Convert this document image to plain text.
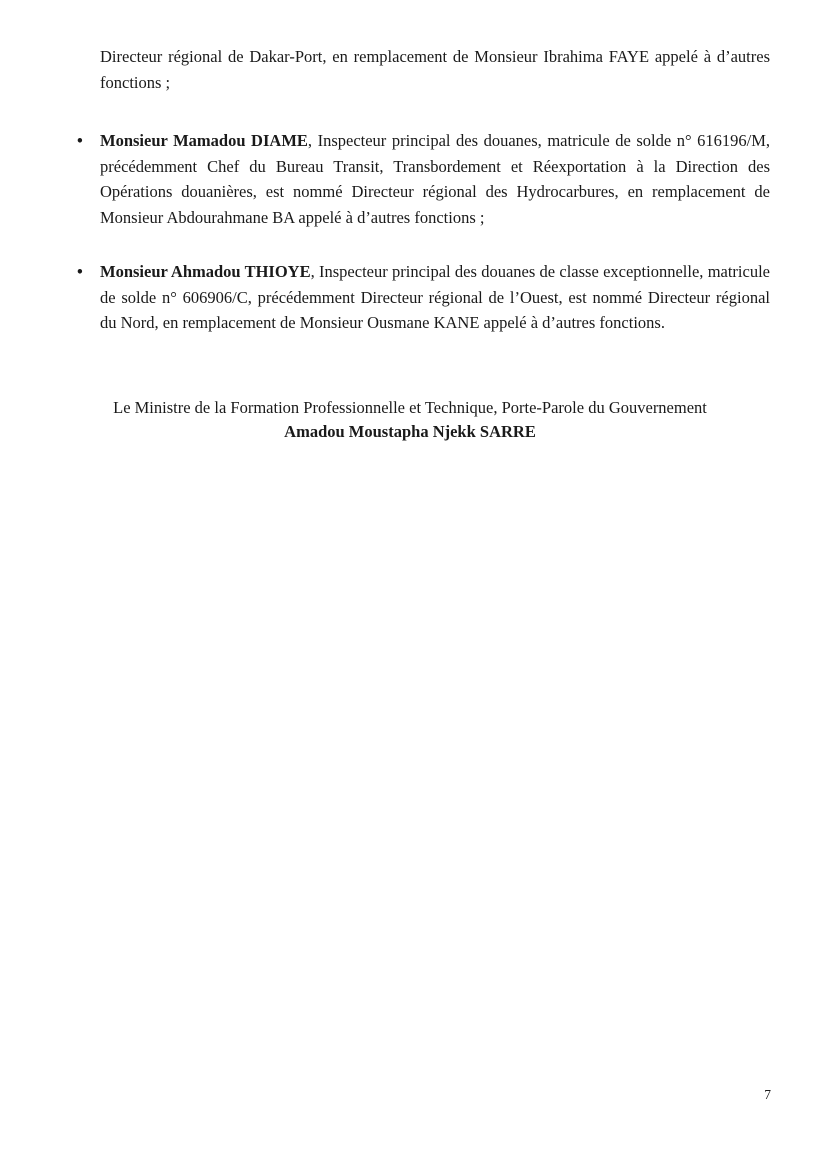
Directeur régional de Dakar-Port, en remplacement de Monsieur Ibrahima FAYE appelé à d’autres fonctions ;

• Monsieur Mamadou DIAME, Inspecteur principal des douanes, matricule de solde n° 616196/M, précédemment Chef du Bureau Transit, Transbordement et Réexportation à la Direction des Opérations douanières, est nommé Directeur régional des Hydrocarbures, en remplacement de Monsieur Abdourahmane BA appelé à d’autres fonctions ;
• Monsieur Ahmadou THIOYE, Inspecteur principal des douanes de classe exceptionnelle, matricule de solde n° 606906/C, précédemment Directeur régional de l’Ouest, est nommé Directeur régional du Nord, en remplacement de Monsieur Ousmane KANE appelé à d’autres fonctions.
Le Ministre de la Formation Professionnelle et Technique, Porte-Parole du Gouvernement
Amadou Moustapha Njekk SARRE
7
